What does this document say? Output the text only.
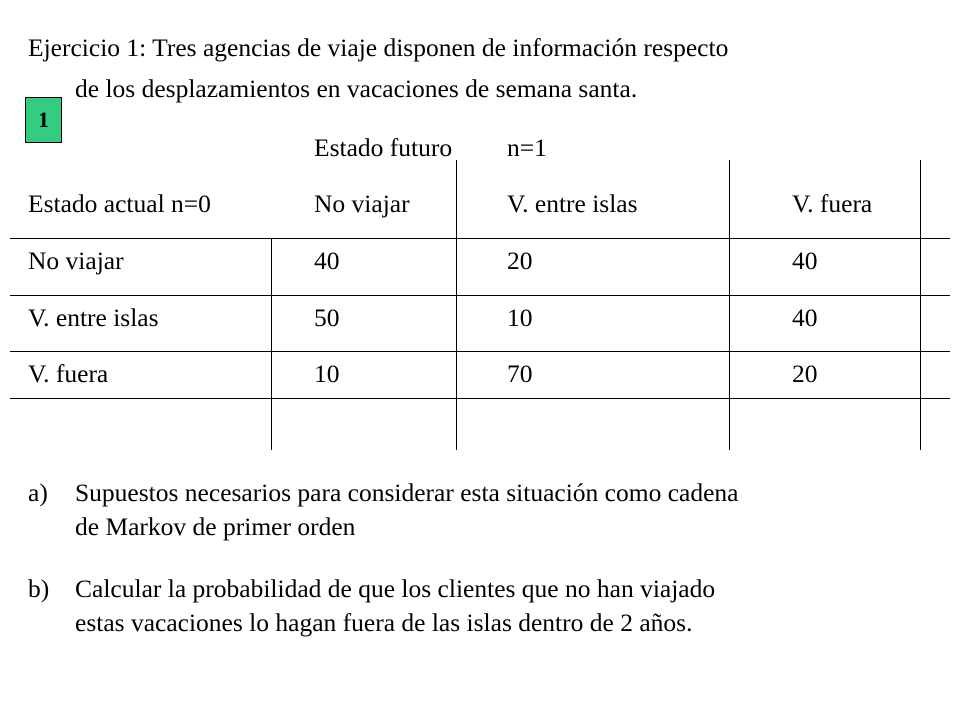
Ejercicio 1: Tres agencias de viaje disponen de información respecto
de los desplazamientos en vacaciones de semana santa.
1
Estado futuro n=1
Estado actual n=0	No viajar	V. entre islas	V. fuera
No viajar	40	20	40
V. entre islas	50	10	40
V. fuera	10	70	20
a) Supuestos necesarios para considerar esta situación como cadena
de Markov de primer orden
b) Calcular la probabilidad de que los clientes que no han viajado
estas vacaciones lo hagan fuera de las islas dentro de 2 años.
